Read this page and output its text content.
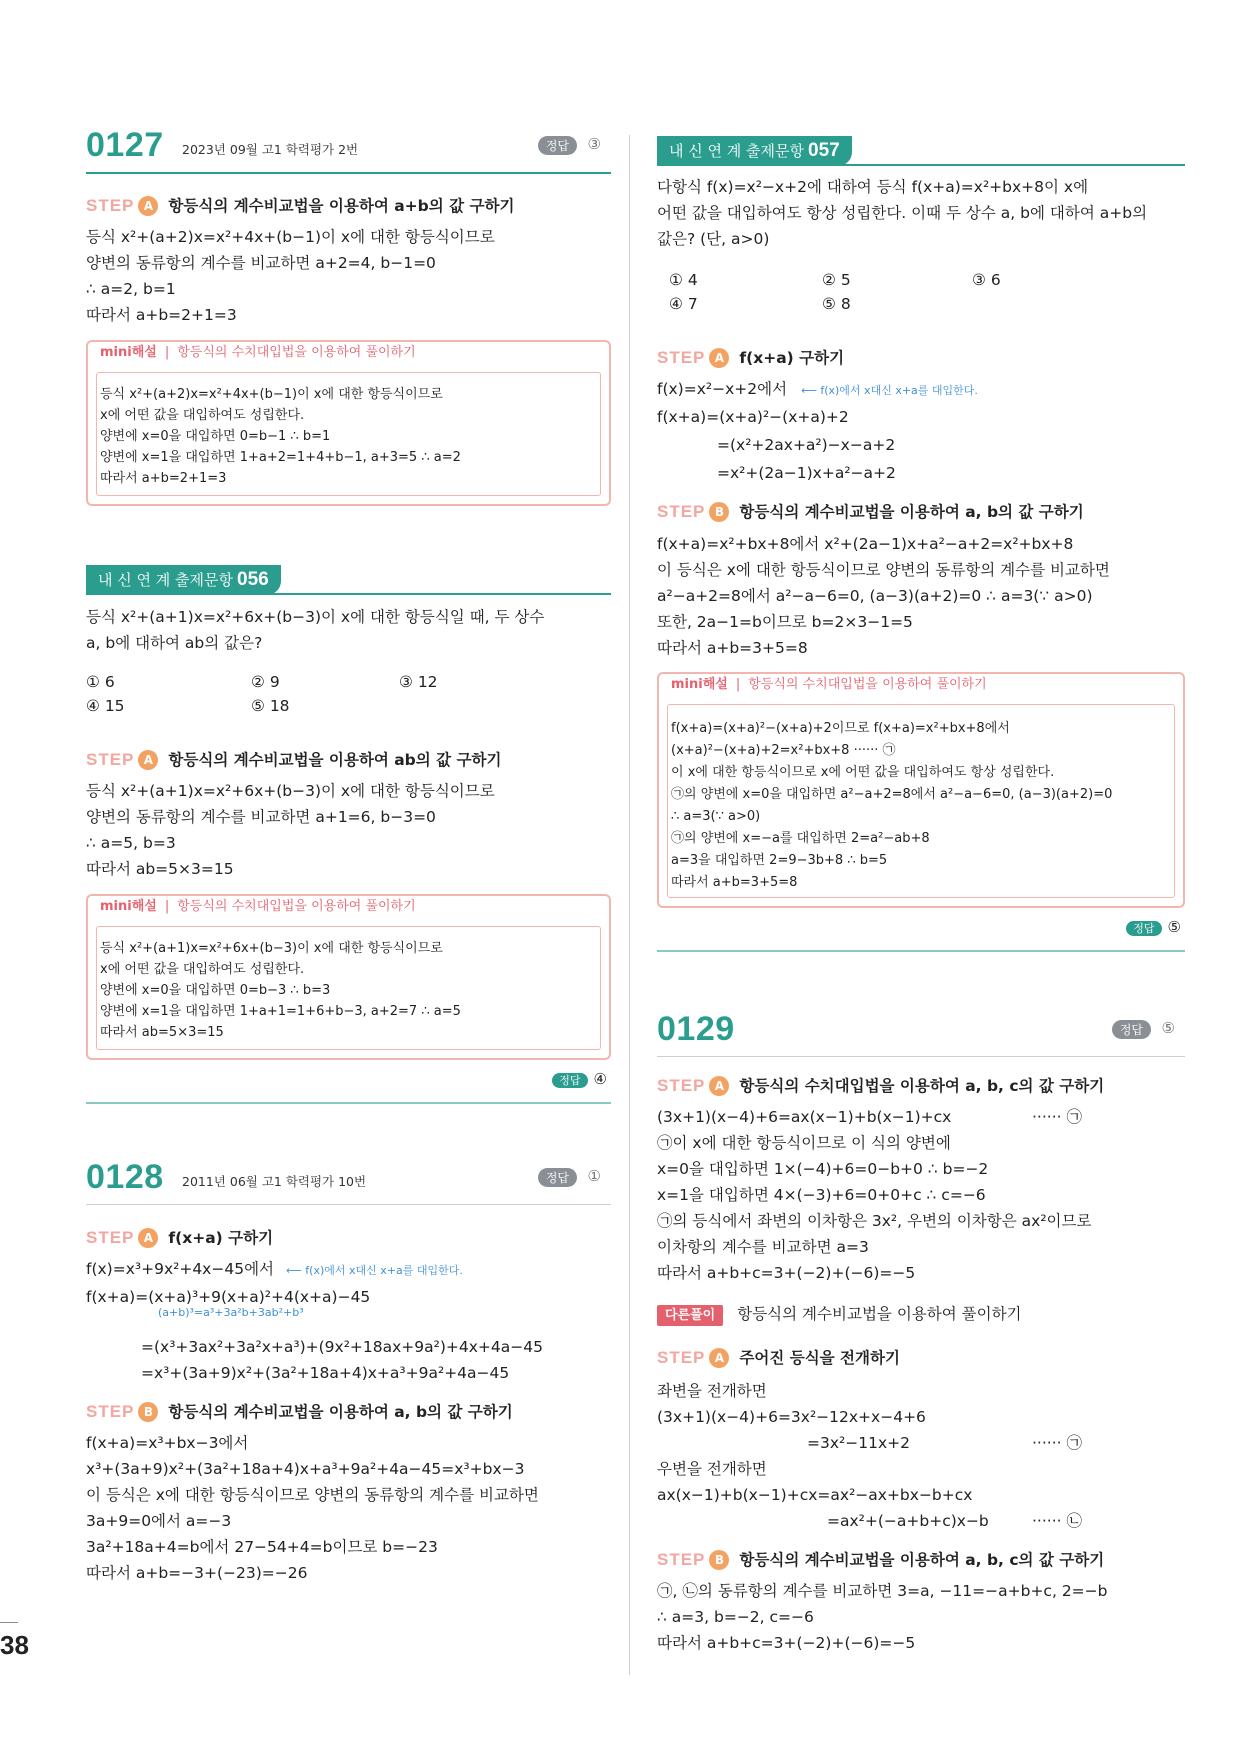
38
0127 2023년 09월 고1 학력평가 2번	정답	③
STEP A 항등식의 계수비교법을 이용하여 a+b의 값 구하기
등식 x²+(a+2)x=x²+4x+(b−1)이 x에 대한 항등식이므로
양변의 동류항의 계수를 비교하면 a+2=4, b−1=0
∴ a=2, b=1
따라서 a+b=2+1=3
mini해설 | 항등식의 수치대입법을 이용하여 풀이하기
등식 x²+(a+2)x=x²+4x+(b−1)이 x에 대한 항등식이므로
x에 어떤 값을 대입하여도 성립한다.
양변에 x=0을 대입하면 0=b−1 ∴ b=1
양변에 x=1을 대입하면 1+a+2=1+4+b−1, a+3=5 ∴ a=2
따라서 a+b=2+1=3
내 신 연 계 출제문항 056
등식 x²+(a+1)x=x²+6x+(b−3)이 x에 대한 항등식일 때, 두 상수
a, b에 대하여 ab의 값은?
① 6	② 9	③ 12
④ 15	⑤ 18
STEP A 항등식의 계수비교법을 이용하여 ab의 값 구하기
등식 x²+(a+1)x=x²+6x+(b−3)이 x에 대한 항등식이므로
양변의 동류항의 계수를 비교하면 a+1=6, b−3=0
∴ a=5, b=3
따라서 ab=5×3=15
mini해설 | 항등식의 수치대입법을 이용하여 풀이하기
등식 x²+(a+1)x=x²+6x+(b−3)이 x에 대한 항등식이므로
x에 어떤 값을 대입하여도 성립한다.
양변에 x=0을 대입하면 0=b−3 ∴ b=3
양변에 x=1을 대입하면 1+a+1=1+6+b−3, a+2=7 ∴ a=5
따라서 ab=5×3=15
정답 ④
0128 2011년 06월 고1 학력평가 10번	정답	①
STEP A f(x+a) 구하기
f(x)=x³+9x²+4x−45에서 ⟵ f(x)에서 x대신 x+a를 대입한다.
f(x+a)=(x+a)³+9(x+a)²+4(x+a)−45
(a+b)³=a³+3a²b+3ab²+b³
=(x³+3ax²+3a²x+a³)+(9x²+18ax+9a²)+4x+4a−45
=x³+(3a+9)x²+(3a²+18a+4)x+a³+9a²+4a−45
STEP B 항등식의 계수비교법을 이용하여 a, b의 값 구하기
f(x+a)=x³+bx−3에서
x³+(3a+9)x²+(3a²+18a+4)x+a³+9a²+4a−45=x³+bx−3
이 등식은 x에 대한 항등식이므로 양변의 동류항의 계수를 비교하면
3a+9=0에서 a=−3
3a²+18a+4=b에서 27−54+4=b이므로 b=−23
따라서 a+b=−3+(−23)=−26
내 신 연 계 출제문항 057
다항식 f(x)=x²−x+2에 대하여 등식 f(x+a)=x²+bx+8이 x에
어떤 값을 대입하여도 항상 성립한다. 이때 두 상수 a, b에 대하여 a+b의
값은? (단, a>0)
① 4	② 5	③ 6
④ 7	⑤ 8
STEP A f(x+a) 구하기
f(x)=x²−x+2에서 ⟵ f(x)에서 x대신 x+a를 대입한다.
f(x+a)=(x+a)²−(x+a)+2
=(x²+2ax+a²)−x−a+2
=x²+(2a−1)x+a²−a+2
STEP B 항등식의 계수비교법을 이용하여 a, b의 값 구하기
f(x+a)=x²+bx+8에서 x²+(2a−1)x+a²−a+2=x²+bx+8
이 등식은 x에 대한 항등식이므로 양변의 동류항의 계수를 비교하면
a²−a+2=8에서 a²−a−6=0, (a−3)(a+2)=0 ∴ a=3(∵ a>0)
또한, 2a−1=b이므로 b=2×3−1=5
따라서 a+b=3+5=8
mini해설 | 항등식의 수치대입법을 이용하여 풀이하기
f(x+a)=(x+a)²−(x+a)+2이므로 f(x+a)=x²+bx+8에서
(x+a)²−(x+a)+2=x²+bx+8 ······ ㉠
이 x에 대한 항등식이므로 x에 어떤 값을 대입하여도 항상 성립한다.
㉠의 양변에 x=0을 대입하면 a²−a+2=8에서 a²−a−6=0, (a−3)(a+2)=0
∴ a=3(∵ a>0)
㉠의 양변에 x=−a를 대입하면 2=a²−ab+8
a=3을 대입하면 2=9−3b+8 ∴ b=5
따라서 a+b=3+5=8
정답 ⑤
0129	정답	⑤
STEP A 항등식의 수치대입법을 이용하여 a, b, c의 값 구하기
(3x+1)(x−4)+6=ax(x−1)+b(x−1)+cx	······ ㉠
㉠이 x에 대한 항등식이므로 이 식의 양변에
x=0을 대입하면 1×(−4)+6=0−b+0 ∴ b=−2
x=1을 대입하면 4×(−3)+6=0+0+c ∴ c=−6
㉠의 등식에서 좌변의 이차항은 3x², 우변의 이차항은 ax²이므로
이차항의 계수를 비교하면 a=3
따라서 a+b+c=3+(−2)+(−6)=−5
다른풀이 항등식의 계수비교법을 이용하여 풀이하기
STEP A 주어진 등식을 전개하기
좌변을 전개하면
(3x+1)(x−4)+6=3x²−12x+x−4+6
=3x²−11x+2	······ ㉠
우변을 전개하면
ax(x−1)+b(x−1)+cx=ax²−ax+bx−b+cx
=ax²+(−a+b+c)x−b	······ ㉡
STEP B 항등식의 계수비교법을 이용하여 a, b, c의 값 구하기
㉠, ㉡의 동류항의 계수를 비교하면 3=a, −11=−a+b+c, 2=−b
∴ a=3, b=−2, c=−6
따라서 a+b+c=3+(−2)+(−6)=−5
